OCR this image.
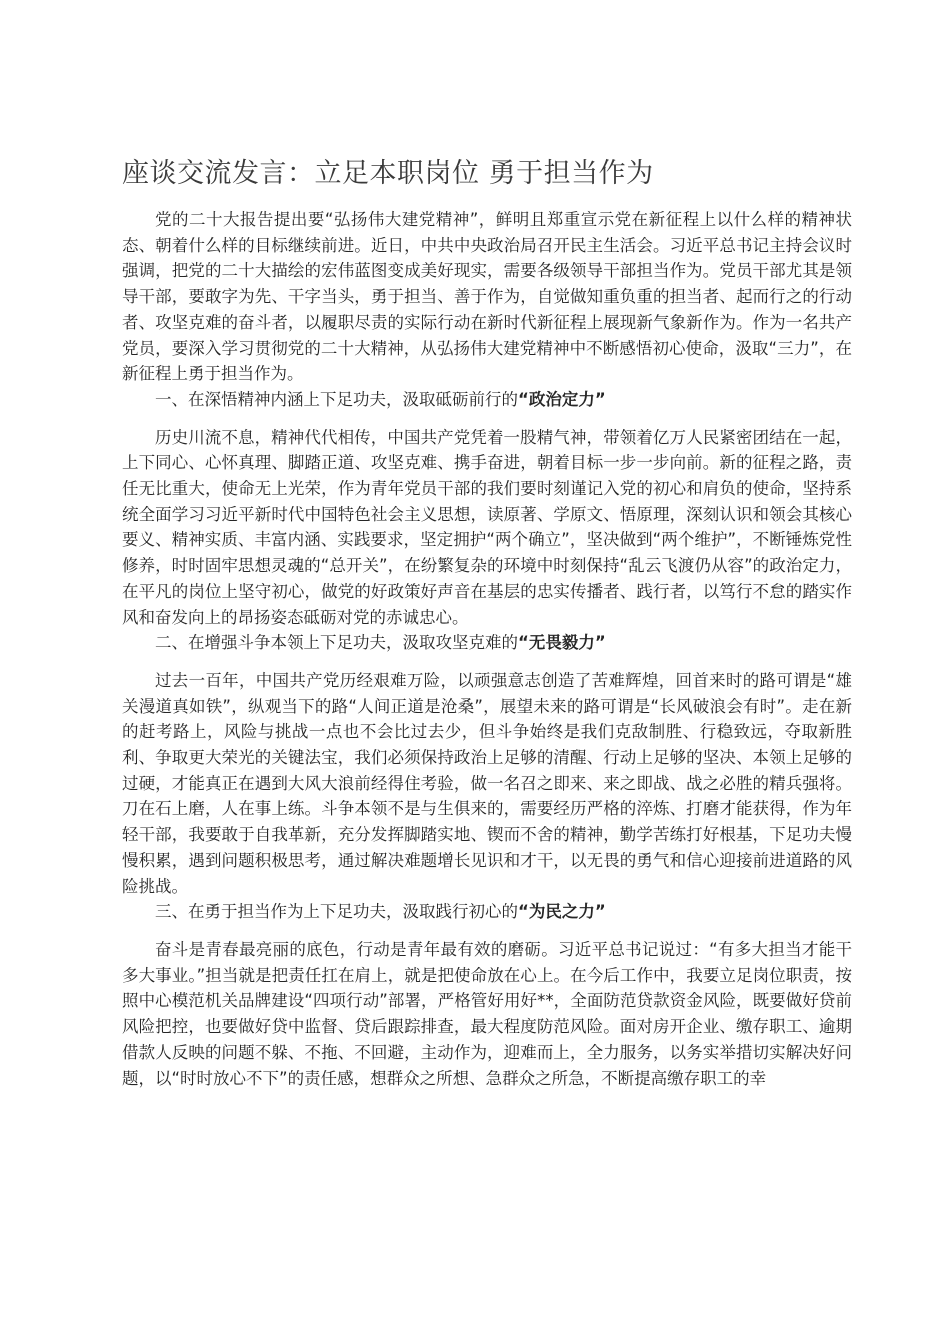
座谈交流发言：立足本职岗位 勇于担当作为

党的二十大报告提出要“弘扬伟大建党精神”，鲜明且郑重宣示党在新征程上以什么样的精神状态、朝着什么样的目标继续前进。近日，中共中央政治局召开民主生活会。习近平总书记主持会议时强调，把党的二十大描绘的宏伟蓝图变成美好现实，需要各级领导干部担当作为。党员干部尤其是领导干部，要敢字为先、干字当头，勇于担当、善于作为，自觉做知重负重的担当者、起而行之的行动者、攻坚克难的奋斗者，以履职尽责的实际行动在新时代新征程上展现新气象新作为。作为一名共产党员，要深入学习贯彻党的二十大精神，从弘扬伟大建党精神中不断感悟初心使命，汲取“三力”，在新征程上勇于担当作为。

一、在深悟精神内涵上下足功夫，汲取砥砺前行的“政治定力”

历史川流不息，精神代代相传，中国共产党凭着一股精气神，带领着亿万人民紧密团结在一起，上下同心、心怀真理、脚踏正道、攻坚克难、携手奋进，朝着目标一步一步向前。新的征程之路，责任无比重大，使命无上光荣，作为青年党员干部的我们要时刻谨记入党的初心和肩负的使命，坚持系统全面学习习近平新时代中国特色社会主义思想，读原著、学原文、悟原理，深刻认识和领会其核心要义、精神实质、丰富内涵、实践要求，坚定拥护“两个确立”，坚决做到“两个维护”，不断锤炼党性修养，时时固牢思想灵魂的“总开关”，在纷繁复杂的环境中时刻保持“乱云飞渡仍从容”的政治定力，在平凡的岗位上坚守初心，做党的好政策好声音在基层的忠实传播者、践行者，以笃行不怠的踏实作风和奋发向上的昂扬姿态砥砺对党的赤诚忠心。

二、在增强斗争本领上下足功夫，汲取攻坚克难的“无畏毅力”

过去一百年，中国共产党历经艰难万险，以顽强意志创造了苦难辉煌，回首来时的路可谓是“雄关漫道真如铁”，纵观当下的路“人间正道是沧桑”，展望未来的路可谓是“长风破浪会有时”。走在新的赶考路上，风险与挑战一点也不会比过去少，但斗争始终是我们克敌制胜、行稳致远，夺取新胜利、争取更大荣光的关键法宝，我们必须保持政治上足够的清醒、行动上足够的坚决、本领上足够的过硬，才能真正在遇到大风大浪前经得住考验，做一名召之即来、来之即战、战之必胜的精兵强将。刀在石上磨，人在事上练。斗争本领不是与生俱来的，需要经历严格的淬炼、打磨才能获得，作为年轻干部，我要敢于自我革新，充分发挥脚踏实地、锲而不舍的精神，勤学苦练打好根基，下足功夫慢慢积累，遇到问题积极思考，通过解决难题增长见识和才干，以无畏的勇气和信心迎接前进道路的风险挑战。

三、在勇于担当作为上下足功夫，汲取践行初心的“为民之力”

奋斗是青春最亮丽的底色，行动是青年最有效的磨砺。习近平总书记说过：“有多大担当才能干多大事业。”担当就是把责任扛在肩上，就是把使命放在心上。在今后工作中，我要立足岗位职责，按照中心模范机关品牌建设“四项行动”部署，严格管好用好**，全面防范贷款资金风险，既要做好贷前风险把控，也要做好贷中监督、贷后跟踪排查，最大程度防范风险。面对房开企业、缴存职工、逾期借款人反映的问题不躲、不拖、不回避，主动作为，迎难而上，全力服务，以务实举措切实解决好问题，以“时时放心不下”的责任感，想群众之所想、急群众之所急，不断提高缴存职工的幸
